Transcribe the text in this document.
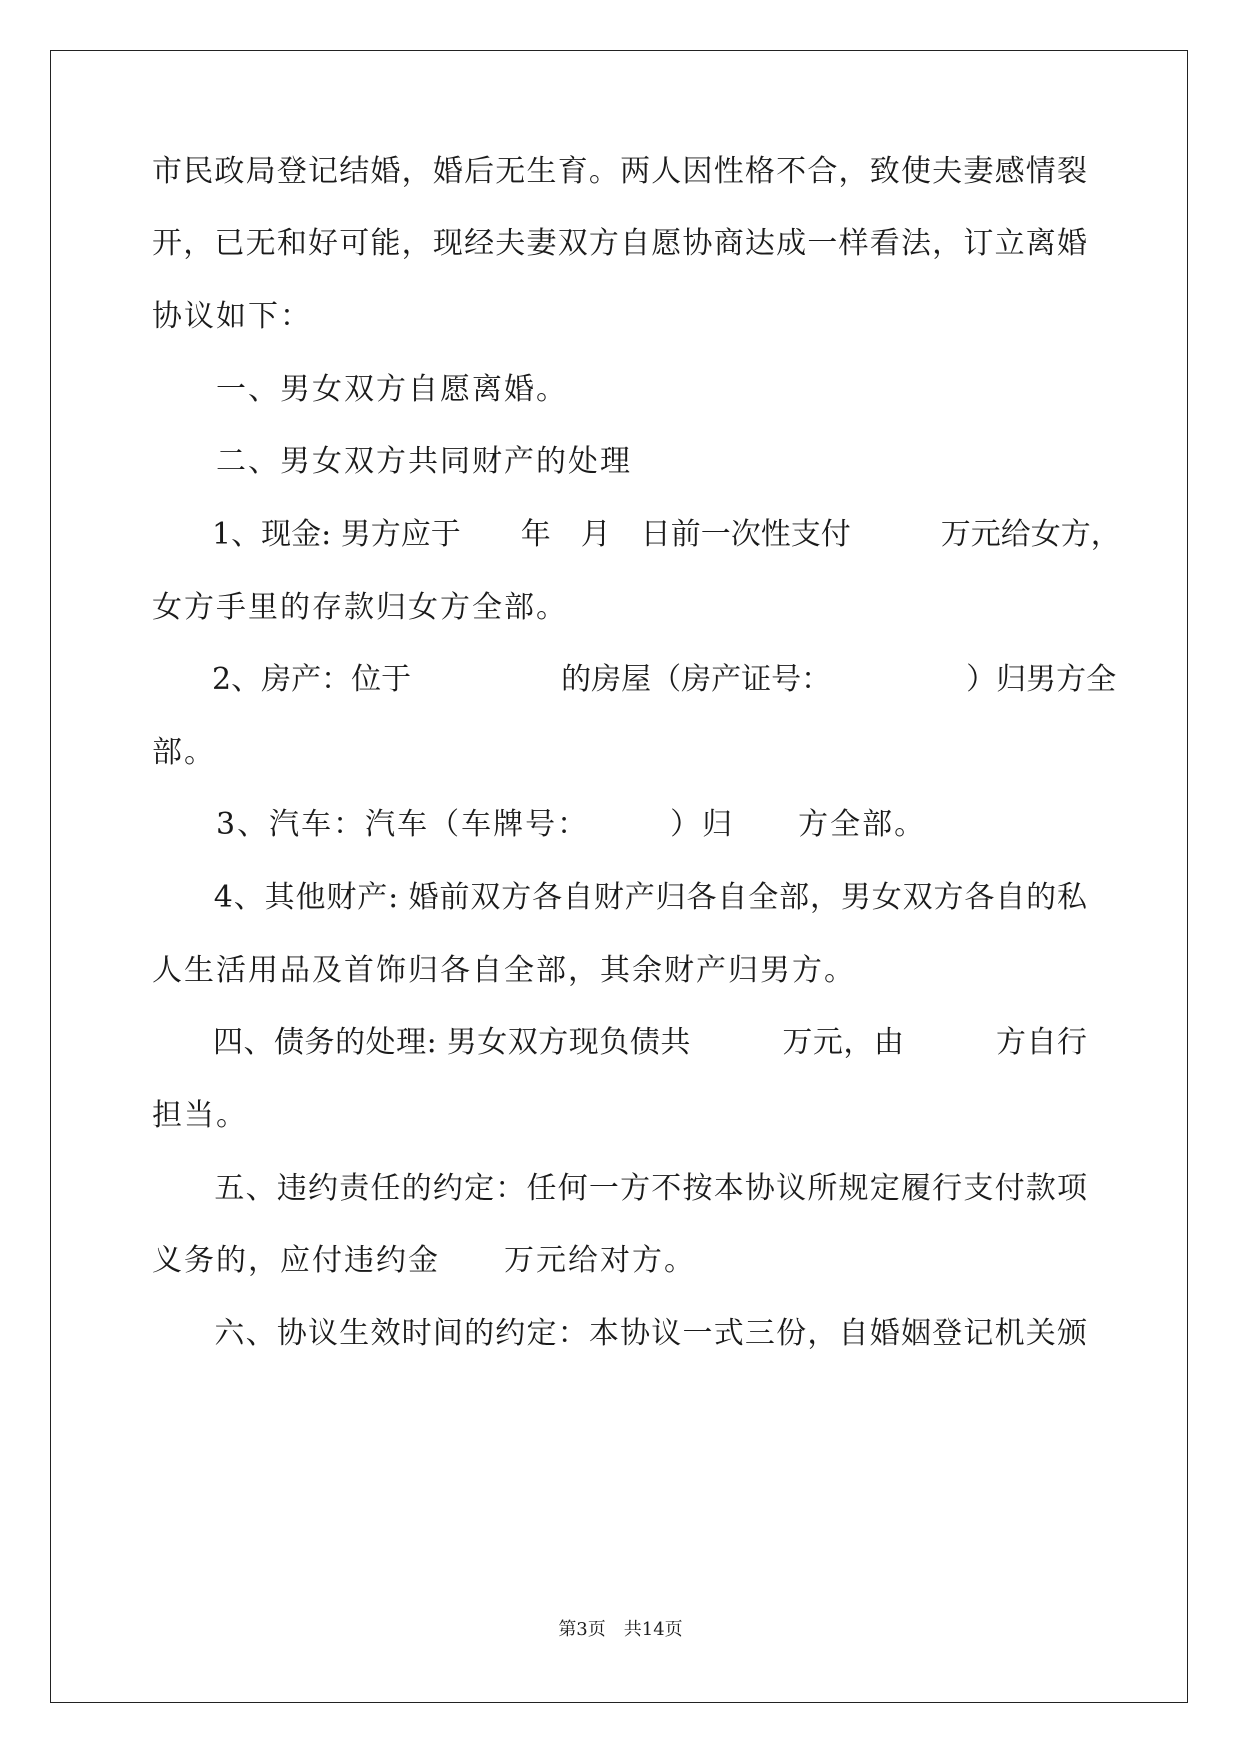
市民政局登记结婚，婚后无生育。两人因性格不合，致使夫妻感情裂
开，已无和好可能，现经夫妻双方自愿协商达成一样看法，订立离婚
协议如下：
　　一、男女双方自愿离婚。
　　二、男女双方共同财产的处理
　　1、现金: 男方应于　　年　月　日前一次性支付　　　万元给女方，
女方手里的存款归女方全部。
　　2、房产：位于　　　　　的房屋（房产证号：　　　　　）归男方全
部。
　　3、汽车：汽车（车牌号：　　　）归　　方全部。
　　4、其他财产: 婚前双方各自财产归各自全部，男女双方各自的私
人生活用品及首饰归各自全部，其余财产归男方。
　　四、债务的处理: 男女双方现负债共　　　万元，由　　　方自行
担当。
　　五、违约责任的约定：任何一方不按本协议所规定履行支付款项
义务的，应付违约金　　万元给对方。
　　六、协议生效时间的约定：本协议一式三份，自婚姻登记机关颁
第3页　共14页
